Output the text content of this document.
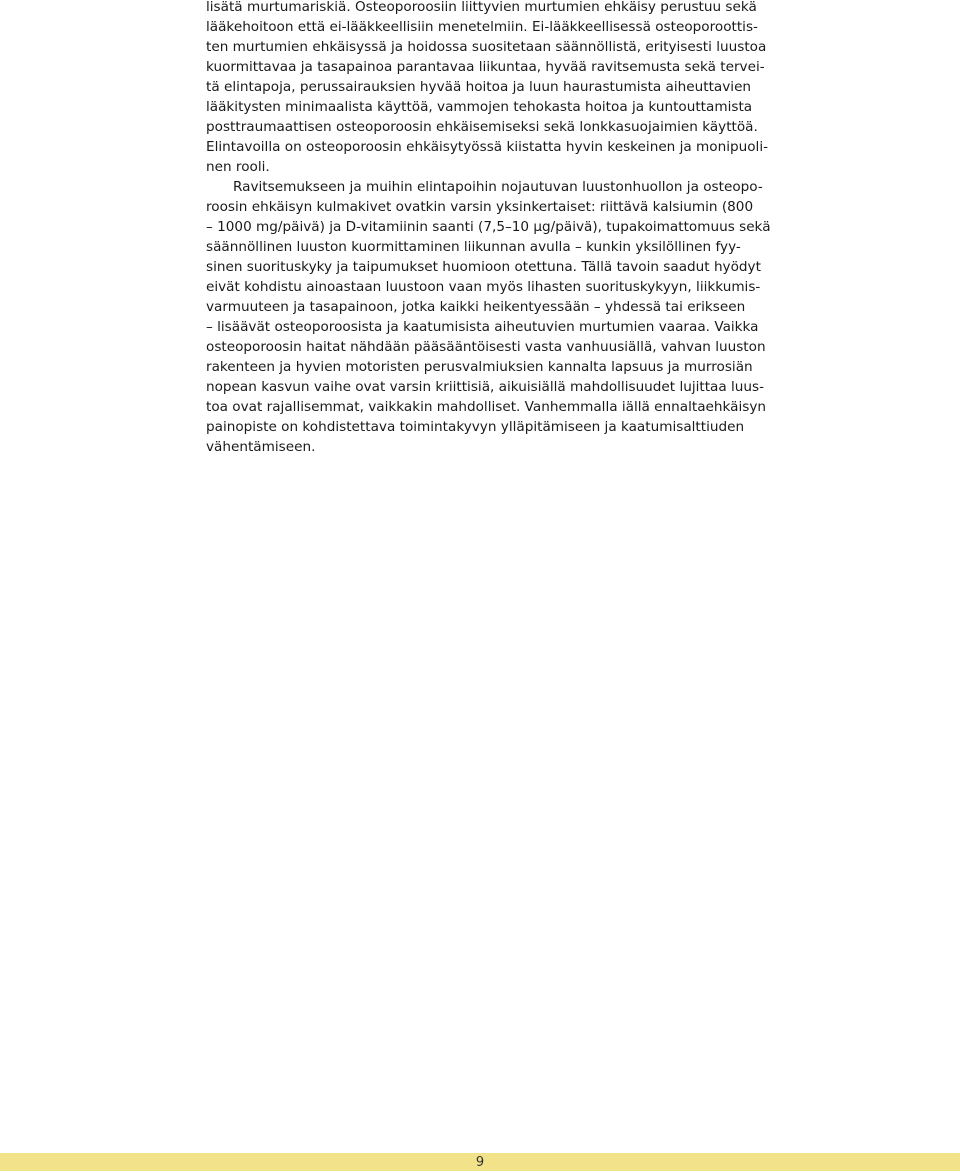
lisätä murtumariskiä. Osteoporoosiin liittyvien murtumien ehkäisy perustuu sekä
lääkehoitoon että ei-lääkkeellisiin menetelmiin. Ei-lääkkeellisessä osteoporoottis-
ten murtumien ehkäisyssä ja hoidossa suositetaan säännöllistä, erityisesti luustoa
kuormittavaa ja tasapainoa parantavaa liikuntaa, hyvää ravitsemusta sekä tervei-
tä elintapoja, perussairauksien hyvää hoitoa ja luun haurastumista aiheuttavien
lääkitysten minimaalista käyttöä, vammojen tehokasta hoitoa ja kuntouttamista
posttraumaattisen osteoporoosin ehkäisemiseksi sekä lonkkasuojaimien käyttöä.
Elintavoilla on osteoporoosin ehkäisytyössä kiistatta hyvin keskeinen ja monipuoli-
nen rooli.
Ravitsemukseen ja muihin elintapoihin nojautuvan luustonhuollon ja osteopo-
roosin ehkäisyn kulmakivet ovatkin varsin yksinkertaiset: riittävä kalsiumin (800
– 1000 mg/päivä) ja D-vitamiinin saanti (7,5–10 µg/päivä), tupakoimattomuus sekä
säännöllinen luuston kuormittaminen liikunnan avulla – kunkin yksilöllinen fyy-
sinen suorituskyky ja taipumukset huomioon otettuna. Tällä tavoin saadut hyödyt
eivät kohdistu ainoastaan luustoon vaan myös lihasten suorituskykyyn, liikkumis-
varmuuteen ja tasapainoon, jotka kaikki heikentyessään – yhdessä tai erikseen
– lisäävät osteoporoosista ja kaatumisista aiheutuvien murtumien vaaraa. Vaikka
osteoporoosin haitat nähdään pääsääntöisesti vasta vanhuusiällä, vahvan luuston
rakenteen ja hyvien motoristen perusvalmiuksien kannalta lapsuus ja murrosiän
nopean kasvun vaihe ovat varsin kriittisiä, aikuisiällä mahdollisuudet lujittaa luus-
toa ovat rajallisemmat, vaikkakin mahdolliset. Vanhemmalla iällä ennaltaehkäisyn
painopiste on kohdistettava toimintakyvyn ylläpitämiseen ja kaatumisalttiuden
vähentämiseen.
9
